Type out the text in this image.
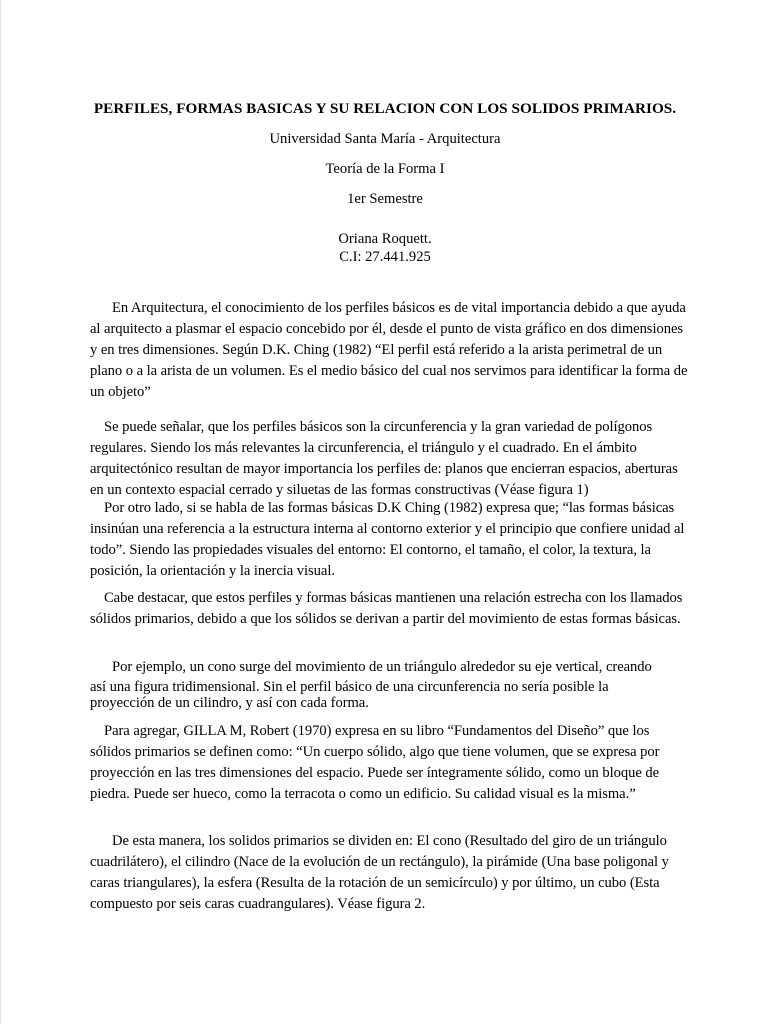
PERFILES, FORMAS BASICAS Y SU RELACION CON LOS SOLIDOS PRIMARIOS.
Universidad Santa María - Arquitectura
Teoría de la Forma I
1er Semestre
Oriana Roquett.
C.I: 27.441.925

En Arquitectura, el conocimiento de los perfiles básicos es de vital importancia debido a que ayuda al arquitecto a plasmar el espacio concebido por él, desde el punto de vista gráfico en dos dimensiones y en tres dimensiones. Según D.K. Ching (1982) “El perfil está referido a la arista perimetral de un plano o a la arista de un volumen. Es el medio básico del cual nos servimos para identificar la forma de un objeto”

Se puede señalar, que los perfiles básicos son la circunferencia y la gran variedad de polígonos regulares. Siendo los más relevantes la circunferencia, el triángulo y el cuadrado. En el ámbito arquitectónico resultan de mayor importancia los perfiles de: planos que encierran espacios, aberturas en un contexto espacial cerrado y siluetas de las formas constructivas (Véase figura 1)

Por otro lado, si se habla de las formas básicas D.K Ching (1982) expresa que; “las formas básicas insinúan una referencia a la estructura interna al contorno exterior y el principio que confiere unidad al todo”. Siendo las propiedades visuales del entorno: El contorno, el tamaño, el color, la textura, la posición, la orientación y la inercia visual.

Cabe destacar, que estos perfiles y formas básicas mantienen una relación estrecha con los llamados sólidos primarios, debido a que los sólidos se derivan a partir del movimiento de estas formas básicas.

Por ejemplo, un cono surge del movimiento de un triángulo alrededor su eje vertical, creando
así una figura tridimensional. Sin el perfil básico de una circunferencia no sería posible la
proyección de un cilindro, y así con cada forma.

Para agregar, GILLA M, Robert (1970) expresa en su libro “Fundamentos del Diseño” que los sólidos primarios se definen como: “Un cuerpo sólido, algo que tiene volumen, que se expresa por proyección en las tres dimensiones del espacio. Puede ser íntegramente sólido, como un bloque de piedra. Puede ser hueco, como la terracota o como un edificio. Su calidad visual es la misma.”

De esta manera, los solidos primarios se dividen en: El cono (Resultado del giro de un triángulo cuadrilátero), el cilindro (Nace de la evolución de un rectángulo), la pirámide (Una base poligonal y caras triangulares), la esfera (Resulta de la rotación de un semicírculo) y por último, un cubo (Esta compuesto por seis caras cuadrangulares). Véase figura 2.
